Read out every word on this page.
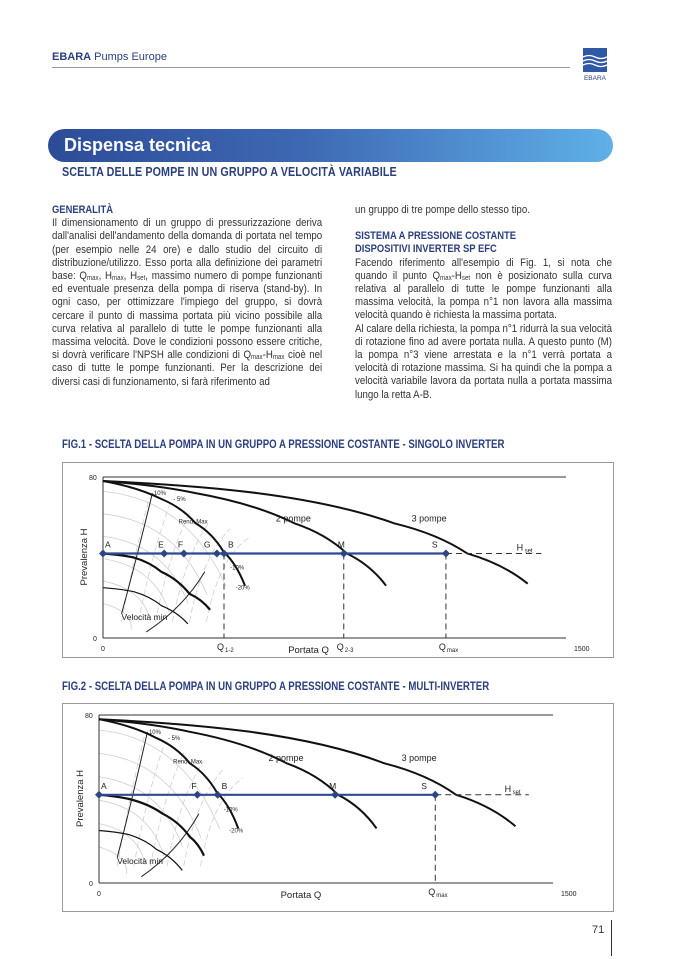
EBARA Pumps Europe
EBARA
Dispensa tecnica
SCELTA DELLE POMPE IN UN GRUPPO A VELOCITÀ VARIABILE
GENERALITÀ

Il dimensionamento di un gruppo di pressurizzazione deriva dall'analisi dell'andamento della domanda di portata nel tempo (per esempio nelle 24 ore) e dallo studio del circuito di distribuzione/utilizzo. Esso porta alla definizione dei parametri base: $Q_{max}$, $H_{max}$, $H_{set}$, massimo numero di pompe funzionanti ed eventuale presenza della pompa di riserva (stand-by). In ogni caso, per ottimizzare l'impiego del gruppo, si dovrà cercare il punto di massima portata più vicino possibile alla curva relativa al parallelo di tutte le pompe funzionanti alla massima velocità. Dove le condizioni possono essere critiche, si dovrà verificare l'NPSH alle condizioni di $Q_{max}-H_{max}$ cioè nel caso di tutte le pompe funzionanti. Per la descrizione dei diversi casi di funzionamento, si farà riferimento ad

un gruppo di tre pompe dello stesso tipo.

SISTEMA A PRESSIONE COSTANTE
DISPOSITIVI INVERTER SP EFC

Facendo riferimento all'esempio di Fig. 1, si nota che quando il punto $Q_{max}-H_{set}$ non è posizionato sulla curva relativa al parallelo di tutte le pompe funzionanti alla massima velocità, la pompa n°1 non lavora alla massima velocità quando è richiesta la massima portata.

Al calare della richiesta, la pompa n°1 ridurrà la sua velocità di rotazione fino ad avere portata nulla. A questo punto (M) la pompa n°3 viene arrestata e la n°1 verrà portata a velocità di rotazione massima. Si ha quindi che la pompa a velocità variabile lavora da portata nulla a portata massima lungo la retta A-B.

FIG.1 - SCELTA DELLA POMPA IN UN GRUPPO A PRESSIONE COSTANTE - SINGOLO INVERTER
80
0
0	1500
Portata Q
Prevalenza H	H set
Q 1-2	Q 2-3	Q max
A	E F G B	M	S
10%
- 5%
Rend. Max	2 pompe	3 pompe
-10%
-20%
Velocità min
FIG.2 - SCELTA DELLA POMPA IN UN GRUPPO A PRESSIONE COSTANTE - MULTI-INVERTER
80
0
0	1500
Portata Q
Prevalenza H	H set
Q max
A	F	B	M	S
10%
- 5%
Rend. Max	2 pompe	3 pompe
-10%
-20%
Velocità min
71
